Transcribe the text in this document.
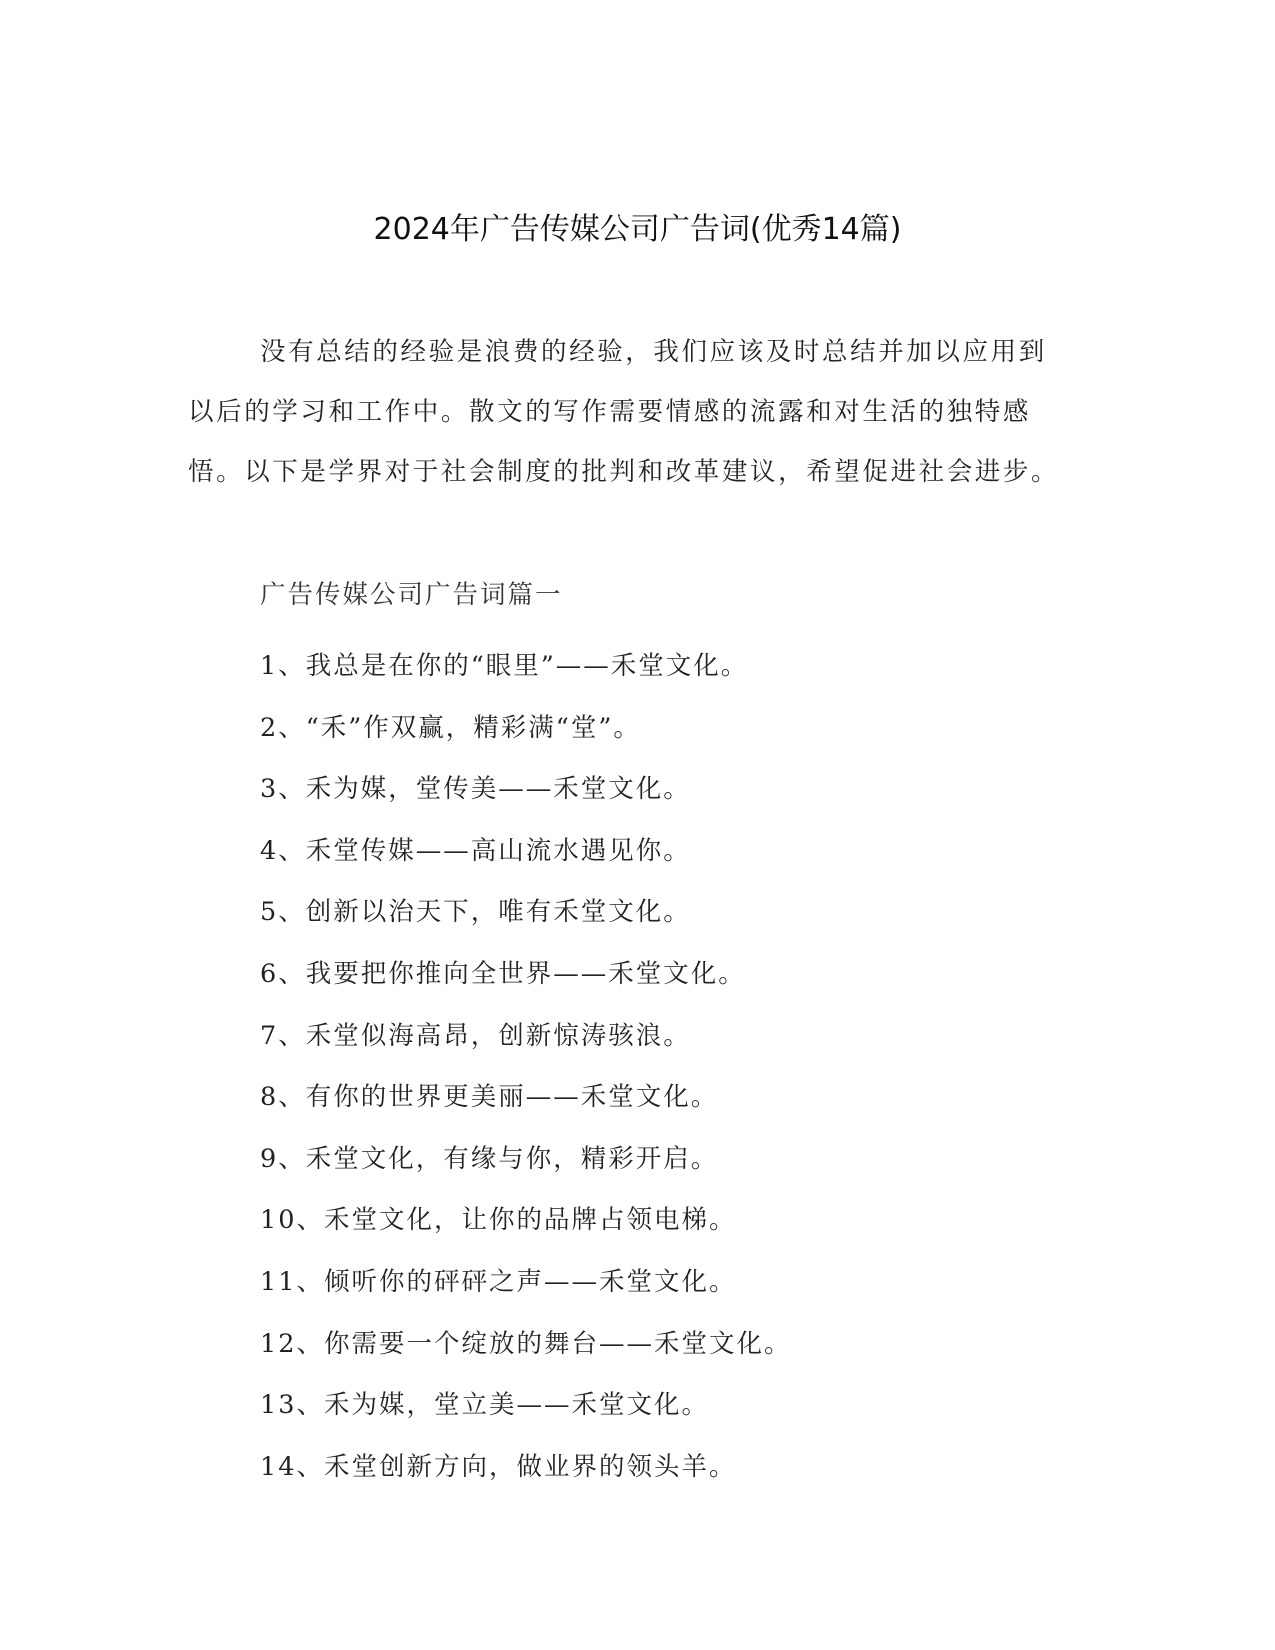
2024年广告传媒公司广告词(优秀14篇)

没有总结的经验是浪费的经验，我们应该及时总结并加以应用到以后的学习和工作中。散文的写作需要情感的流露和对生活的独特感悟。以下是学界对于社会制度的批判和改革建议，希望促进社会进步。

广告传媒公司广告词篇一
1、我总是在你的“眼里”——禾堂文化。
2、“禾”作双赢，精彩满“堂”。
3、禾为媒，堂传美——禾堂文化。
4、禾堂传媒——高山流水遇见你。
5、创新以治天下，唯有禾堂文化。
6、我要把你推向全世界——禾堂文化。
7、禾堂似海高昂，创新惊涛骇浪。
8、有你的世界更美丽——禾堂文化。
9、禾堂文化，有缘与你，精彩开启。
10、禾堂文化，让你的品牌占领电梯。
11、倾听你的砰砰之声——禾堂文化。
12、你需要一个绽放的舞台——禾堂文化。
13、禾为媒，堂立美——禾堂文化。
14、禾堂创新方向，做业界的领头羊。
